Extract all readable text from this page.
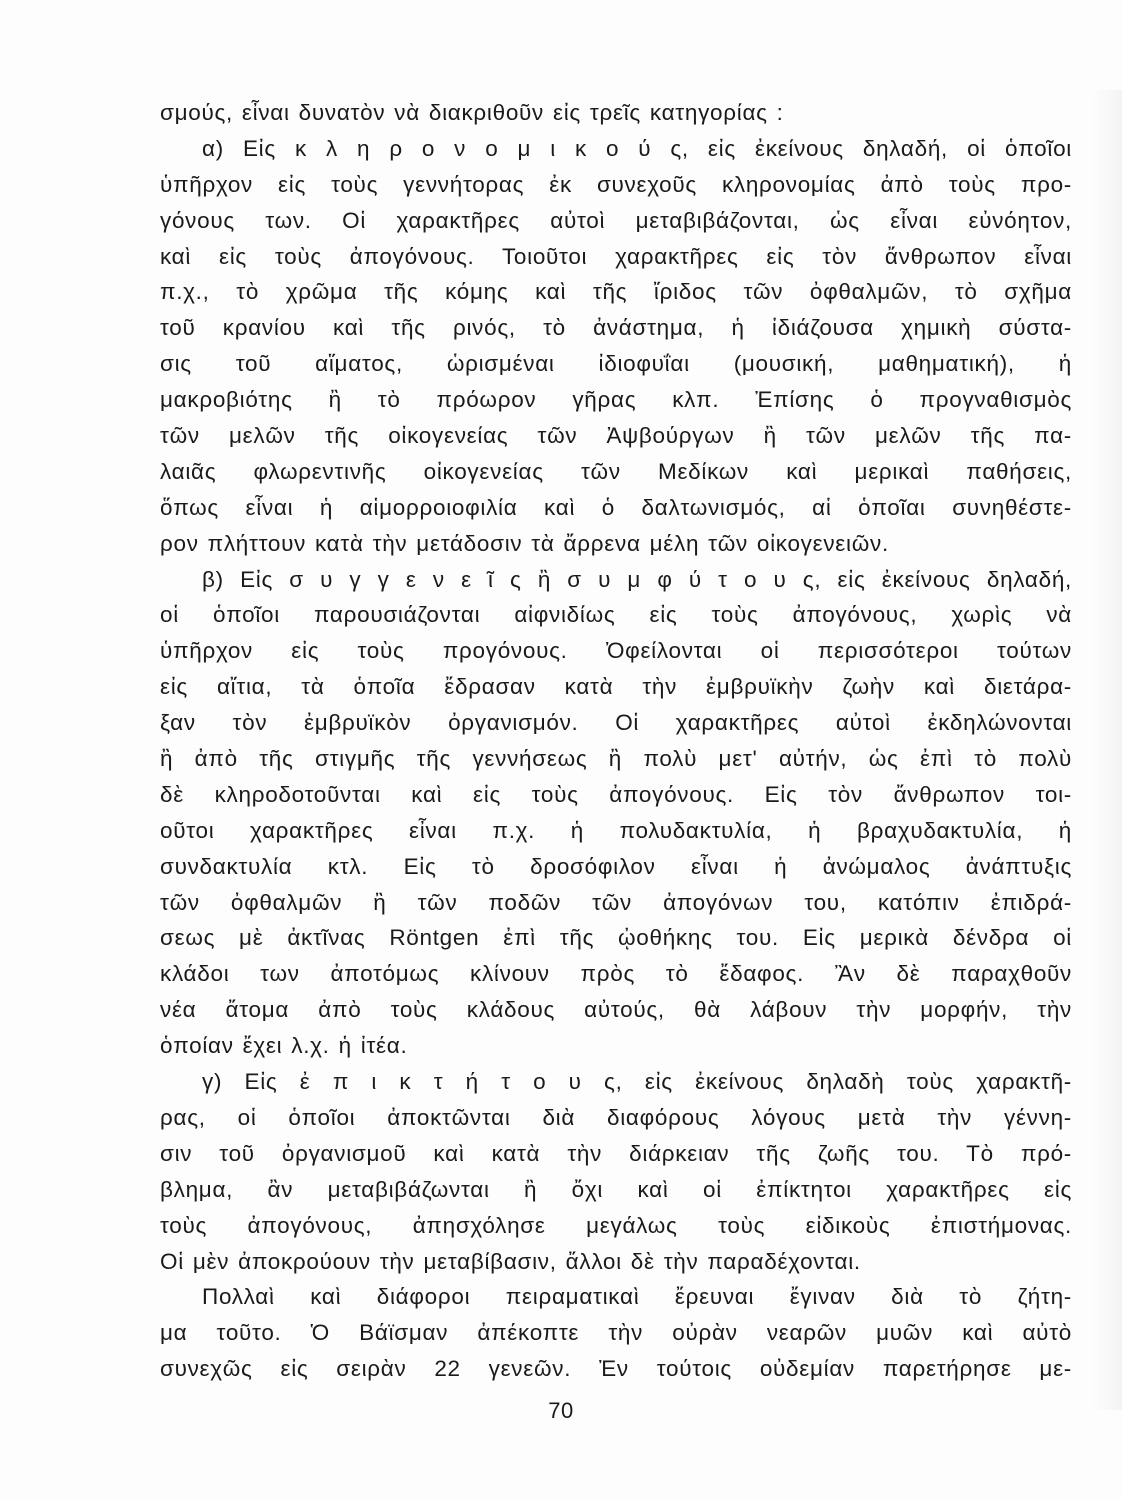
σμούς, εἶναι δυνατὸν νὰ διακριθοῦν εἰς τρεῖς κατηγορίας :
α) Εἰς κ λ η ρ ο ν ο μ ι κ ο ύ ς, εἰς ἐκείνους δηλαδή, οἱ ὁποῖοι
ὑπῆρχον εἰς τοὺς γεννήτορας ἐκ συνεχοῦς κληρονομίας ἀπὸ τοὺς προ-
γόνους των. Οἱ χαρακτῆρες αὐτοὶ μεταβιβάζονται, ὡς εἶναι εὐνόητον,
καὶ εἰς τοὺς ἀπογόνους. Τοιοῦτοι χαρακτῆρες εἰς τὸν ἄνθρωπον εἶναι
π.χ., τὸ χρῶμα τῆς κόμης καὶ τῆς ἴριδος τῶν ὀφθαλμῶν, τὸ σχῆμα
τοῦ κρανίου καὶ τῆς ρινός, τὸ ἀνάστημα, ἡ ἰδιάζουσα χημικὴ σύστα-
σις τοῦ αἵματος, ὡρισμέναι ἰδιοφυΐαι (μουσική, μαθηματική), ἡ
μακροβιότης ἢ τὸ πρόωρον γῆρας κλπ. Ἐπίσης ὁ προγναθισμὸς
τῶν μελῶν τῆς οἰκογενείας τῶν Ἀψβούργων ἢ τῶν μελῶν τῆς πα-
λαιᾶς φλωρεντινῆς οἰκογενείας τῶν Μεδίκων καὶ μερικαὶ παθήσεις,
ὅπως εἶναι ἡ αἱμορροιοφιλία καὶ ὁ δαλτωνισμός, αἱ ὁποῖαι συνηθέστε-
ρον πλήττουν κατὰ τὴν μετάδοσιν τὰ ἄρρενα μέλη τῶν οἰκογενειῶν.
β) Εἰς σ υ γ γ ε ν ε ῖ ς ἢ σ υ μ φ ύ τ ο υ ς, εἰς ἐκείνους δηλαδή,
οἱ ὁποῖοι παρουσιάζονται αἰφνιδίως εἰς τοὺς ἀπογόνους, χωρὶς νὰ
ὑπῆρχον εἰς τοὺς προγόνους. Ὀφείλονται οἱ περισσότεροι τούτων
εἰς αἴτια, τὰ ὁποῖα ἔδρασαν κατὰ τὴν ἐμβρυϊκὴν ζωὴν καὶ διετάρα-
ξαν τὸν ἐμβρυϊκὸν ὀργανισμόν. Οἱ χαρακτῆρες αὐτοὶ ἐκδηλώνονται
ἢ ἀπὸ τῆς στιγμῆς τῆς γεννήσεως ἢ πολὺ μετ' αὐτήν, ὡς ἐπὶ τὸ πολὺ
δὲ κληροδοτοῦνται καὶ εἰς τοὺς ἀπογόνους. Εἰς τὸν ἄνθρωπον τοι-
οῦτοι χαρακτῆρες εἶναι π.χ. ἡ πολυδακτυλία, ἡ βραχυδακτυλία, ἡ
συνδακτυλία κτλ. Εἰς τὸ δροσόφιλον εἶναι ἡ ἀνώμαλος ἀνάπτυξις
τῶν ὀφθαλμῶν ἢ τῶν ποδῶν τῶν ἀπογόνων του, κατόπιν ἐπιδρά-
σεως μὲ ἀκτῖνας Röntgen ἐπὶ τῆς ᾠοθήκης του. Εἰς μερικὰ δένδρα οἱ
κλάδοι των ἀποτόμως κλίνουν πρὸς τὸ ἔδαφος. Ἂν δὲ παραχθοῦν
νέα ἄτομα ἀπὸ τοὺς κλάδους αὐτούς, θὰ λάβουν τὴν μορφήν, τὴν
ὁποίαν ἔχει λ.χ. ἡ ἰτέα.
γ) Εἰς ἐ π ι κ τ ή τ ο υ ς, εἰς ἐκείνους δηλαδὴ τοὺς χαρακτῆ-
ρας, οἱ ὁποῖοι ἀποκτῶνται διὰ διαφόρους λόγους μετὰ τὴν γέννη-
σιν τοῦ ὀργανισμοῦ καὶ κατὰ τὴν διάρκειαν τῆς ζωῆς του. Τὸ πρό-
βλημα, ἂν μεταβιβάζωνται ἢ ὄχι καὶ οἱ ἐπίκτητοι χαρακτῆρες εἰς
τοὺς ἀπογόνους, ἀπησχόλησε μεγάλως τοὺς εἰδικοὺς ἐπιστήμονας.
Οἱ μὲν ἀποκρούουν τὴν μεταβίβασιν, ἄλλοι δὲ τὴν παραδέχονται.
Πολλαὶ καὶ διάφοροι πειραματικαὶ ἔρευναι ἔγιναν διὰ τὸ ζήτη-
μα τοῦτο. Ὁ Βάϊσμαν ἀπέκοπτε τὴν οὐρὰν νεαρῶν μυῶν καὶ αὐτὸ
συνεχῶς εἰς σειρὰν 22 γενεῶν. Ἐν τούτοις οὐδεμίαν παρετήρησε με-
70
